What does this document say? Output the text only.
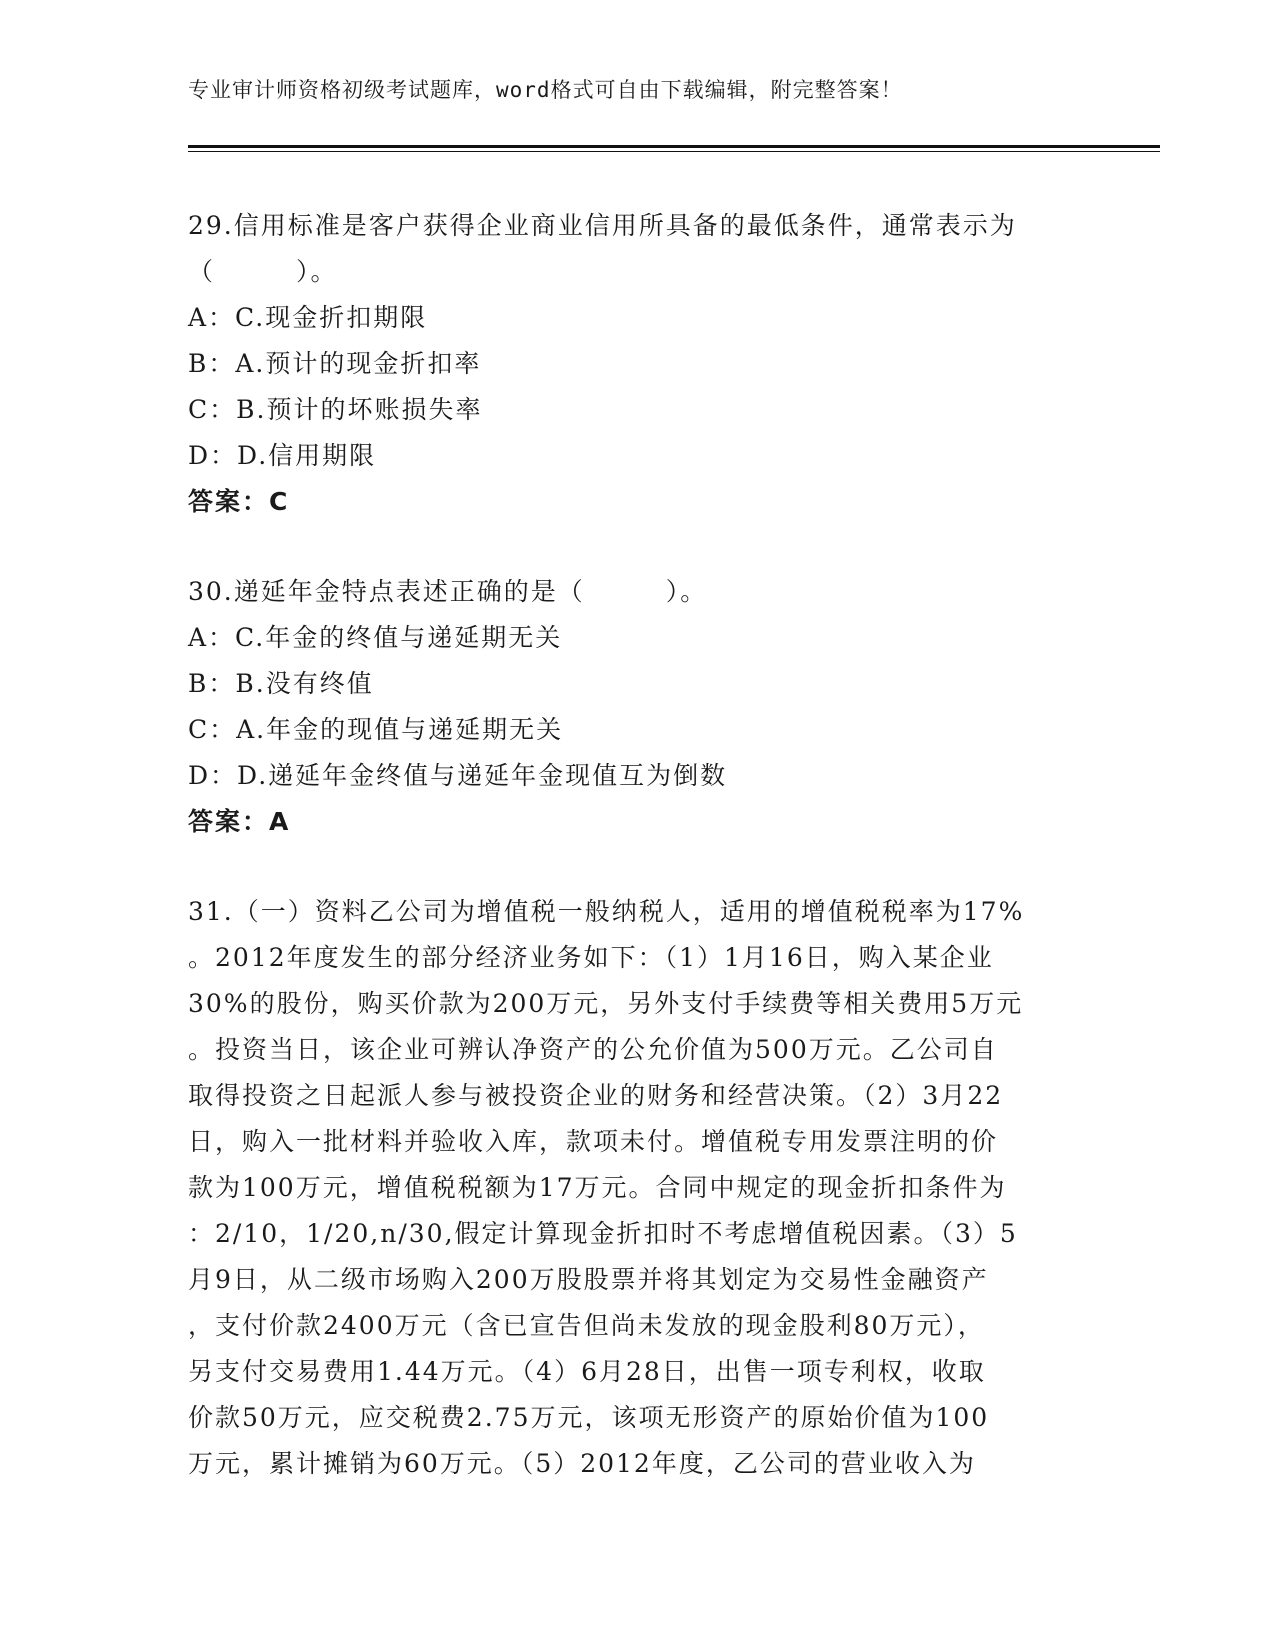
专业审计师资格初级考试题库，word格式可自由下载编辑，附完整答案！
29.信用标准是客户获得企业商业信用所具备的最低条件，通常表示为
（　　　）。
A：C.现金折扣期限
B：A.预计的现金折扣率
C：B.预计的坏账损失率
D：D.信用期限
答案：C
30.递延年金特点表述正确的是（　　　）。
A：C.年金的终值与递延期无关
B：B.没有终值
C：A.年金的现值与递延期无关
D：D.递延年金终值与递延年金现值互为倒数
答案：A
31.（一）资料乙公司为增值税一般纳税人，适用的增值税税率为17%
。2012年度发生的部分经济业务如下：（1）1月16日，购入某企业
30%的股份，购买价款为200万元，另外支付手续费等相关费用5万元
。投资当日，该企业可辨认净资产的公允价值为500万元。乙公司自
取得投资之日起派人参与被投资企业的财务和经营决策。（2）3月22
日，购入一批材料并验收入库，款项未付。增值税专用发票注明的价
款为100万元，增值税税额为17万元。合同中规定的现金折扣条件为
：2/10，1/20,n/30,假定计算现金折扣时不考虑增值税因素。（3）5
月9日，从二级市场购入200万股股票并将其划定为交易性金融资产
，支付价款2400万元（含已宣告但尚未发放的现金股利80万元），
另支付交易费用1.44万元。（4）6月28日，出售一项专利权，收取
价款50万元，应交税费2.75万元，该项无形资产的原始价值为100
万元，累计摊销为60万元。（5）2012年度，乙公司的营业收入为
